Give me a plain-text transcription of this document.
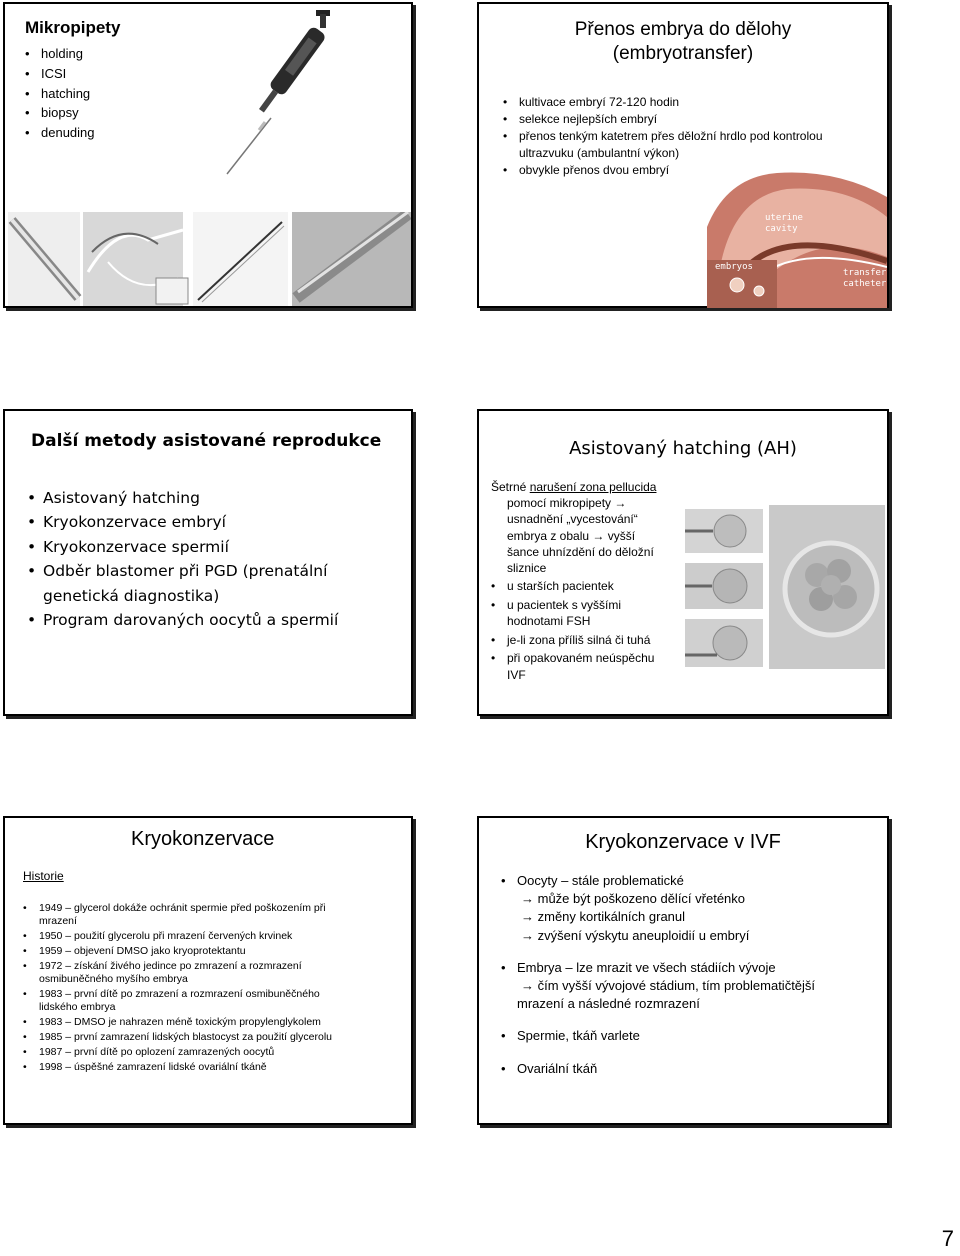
Mikropipety
• holding
• ICSI
• hatching
• biopsy
• denuding
Přenos embrya do dělohy
(embryotransfer)
• kultivace embryí 72-120 hodin
• selekce nejlepších embryí
• přenos tenkým katetrem přes děložní hrdlo pod kontrolou
ultrazvuku (ambulantní výkon)
• obvykle přenos dvou embryí
uterine
cavity
embryos
transfer
catheter
Další metody asistované reprodukce
• Asistovaný hatching
• Kryokonzervace embryí
• Kryokonzervace spermií
• Odběr blastomer při PGD (prenatální
genetická diagnostika)
• Program darovaných oocytů a spermií
Asistovaný hatching (AH)
Šetrné narušení zona pellucida
pomocí mikropipety →
usnadnění „vycestování“
embrya z obalu → vyšší
šance uhnízdění do děložní
sliznice
• u starších pacientek
• u pacientek s vyššími
hodnotami FSH
• je-li zona příliš silná či tuhá
• při opakovaném neúspěchu
IVF
Kryokonzervace
Historie
• 1949 – glycerol dokáže ochránit spermie před poškozením při
mrazení
• 1950 – použití glycerolu při mrazení červených krvinek
• 1959 – objevení DMSO jako kryoprotektantu
• 1972 – získání živého jedince po zmrazení a rozmrazení
osmibuněčného myšího embrya
• 1983 – první dítě po zmrazení a rozmrazení osmibuněčného
lidského embrya
• 1983 – DMSO je nahrazen méně toxickým propylenglykolem
• 1985 – první zamrazení lidských blastocyst za použití glycerolu
• 1987 – první dítě po oplození zamrazených oocytů
• 1998 – úspěšné zamrazení lidské ovariální tkáně
Kryokonzervace v IVF
• Oocyty – stále problematické
→ může být poškozeno dělící vřeténko
→ změny kortikálních granul
→ zvýšení výskytu aneuploidií u embryí
• Embrya – lze mrazit ve všech stádiích vývoje
→ čím vyšší vývojové stádium, tím problematičtější
mrazení a následné rozmrazení
• Spermie, tkáň varlete
• Ovariální tkáň
7
